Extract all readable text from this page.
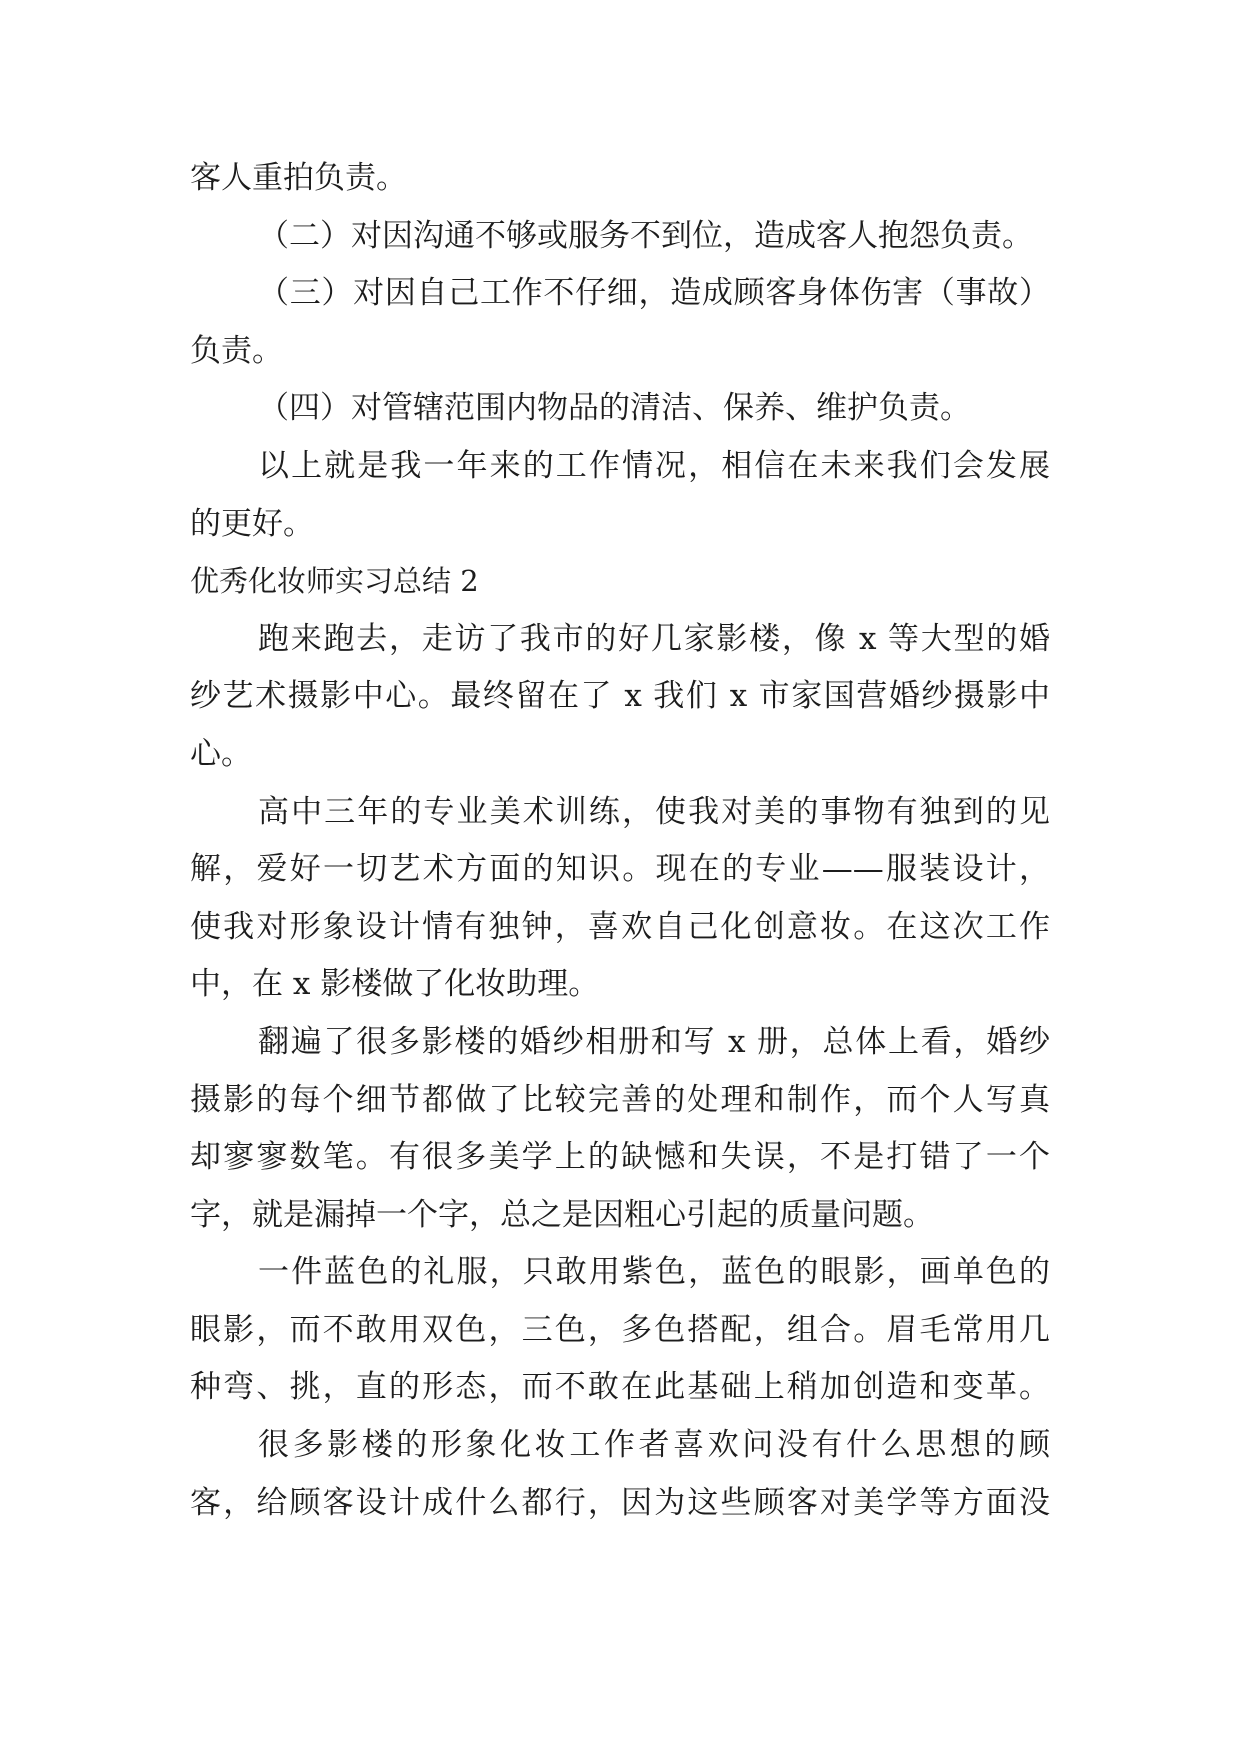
客人重拍负责。
（二）对因沟通不够或服务不到位，造成客人抱怨负责。
（三）对因自己工作不仔细，造成顾客身体伤害（事故）
负责。
（四）对管辖范围内物品的清洁、保养、维护负责。
以上就是我一年来的工作情况，相信在未来我们会发展
的更好。
优秀化妆师实习总结 2
跑来跑去，走访了我市的好几家影楼，像 x 等大型的婚
纱艺术摄影中心。最终留在了 x 我们 x 市家国营婚纱摄影中
心。
高中三年的专业美术训练，使我对美的事物有独到的见
解，爱好一切艺术方面的知识。现在的专业——服装设计，
使我对形象设计情有独钟，喜欢自己化创意妆。在这次工作
中，在 x 影楼做了化妆助理。
翻遍了很多影楼的婚纱相册和写 x 册，总体上看，婚纱
摄影的每个细节都做了比较完善的处理和制作，而个人写真
却寥寥数笔。有很多美学上的缺憾和失误，不是打错了一个
字，就是漏掉一个字，总之是因粗心引起的质量问题。
一件蓝色的礼服，只敢用紫色，蓝色的眼影，画单色的
眼影，而不敢用双色，三色，多色搭配，组合。眉毛常用几
种弯、挑，直的形态，而不敢在此基础上稍加创造和变革。
很多影楼的形象化妆工作者喜欢问没有什么思想的顾
客，给顾客设计成什么都行，因为这些顾客对美学等方面没
